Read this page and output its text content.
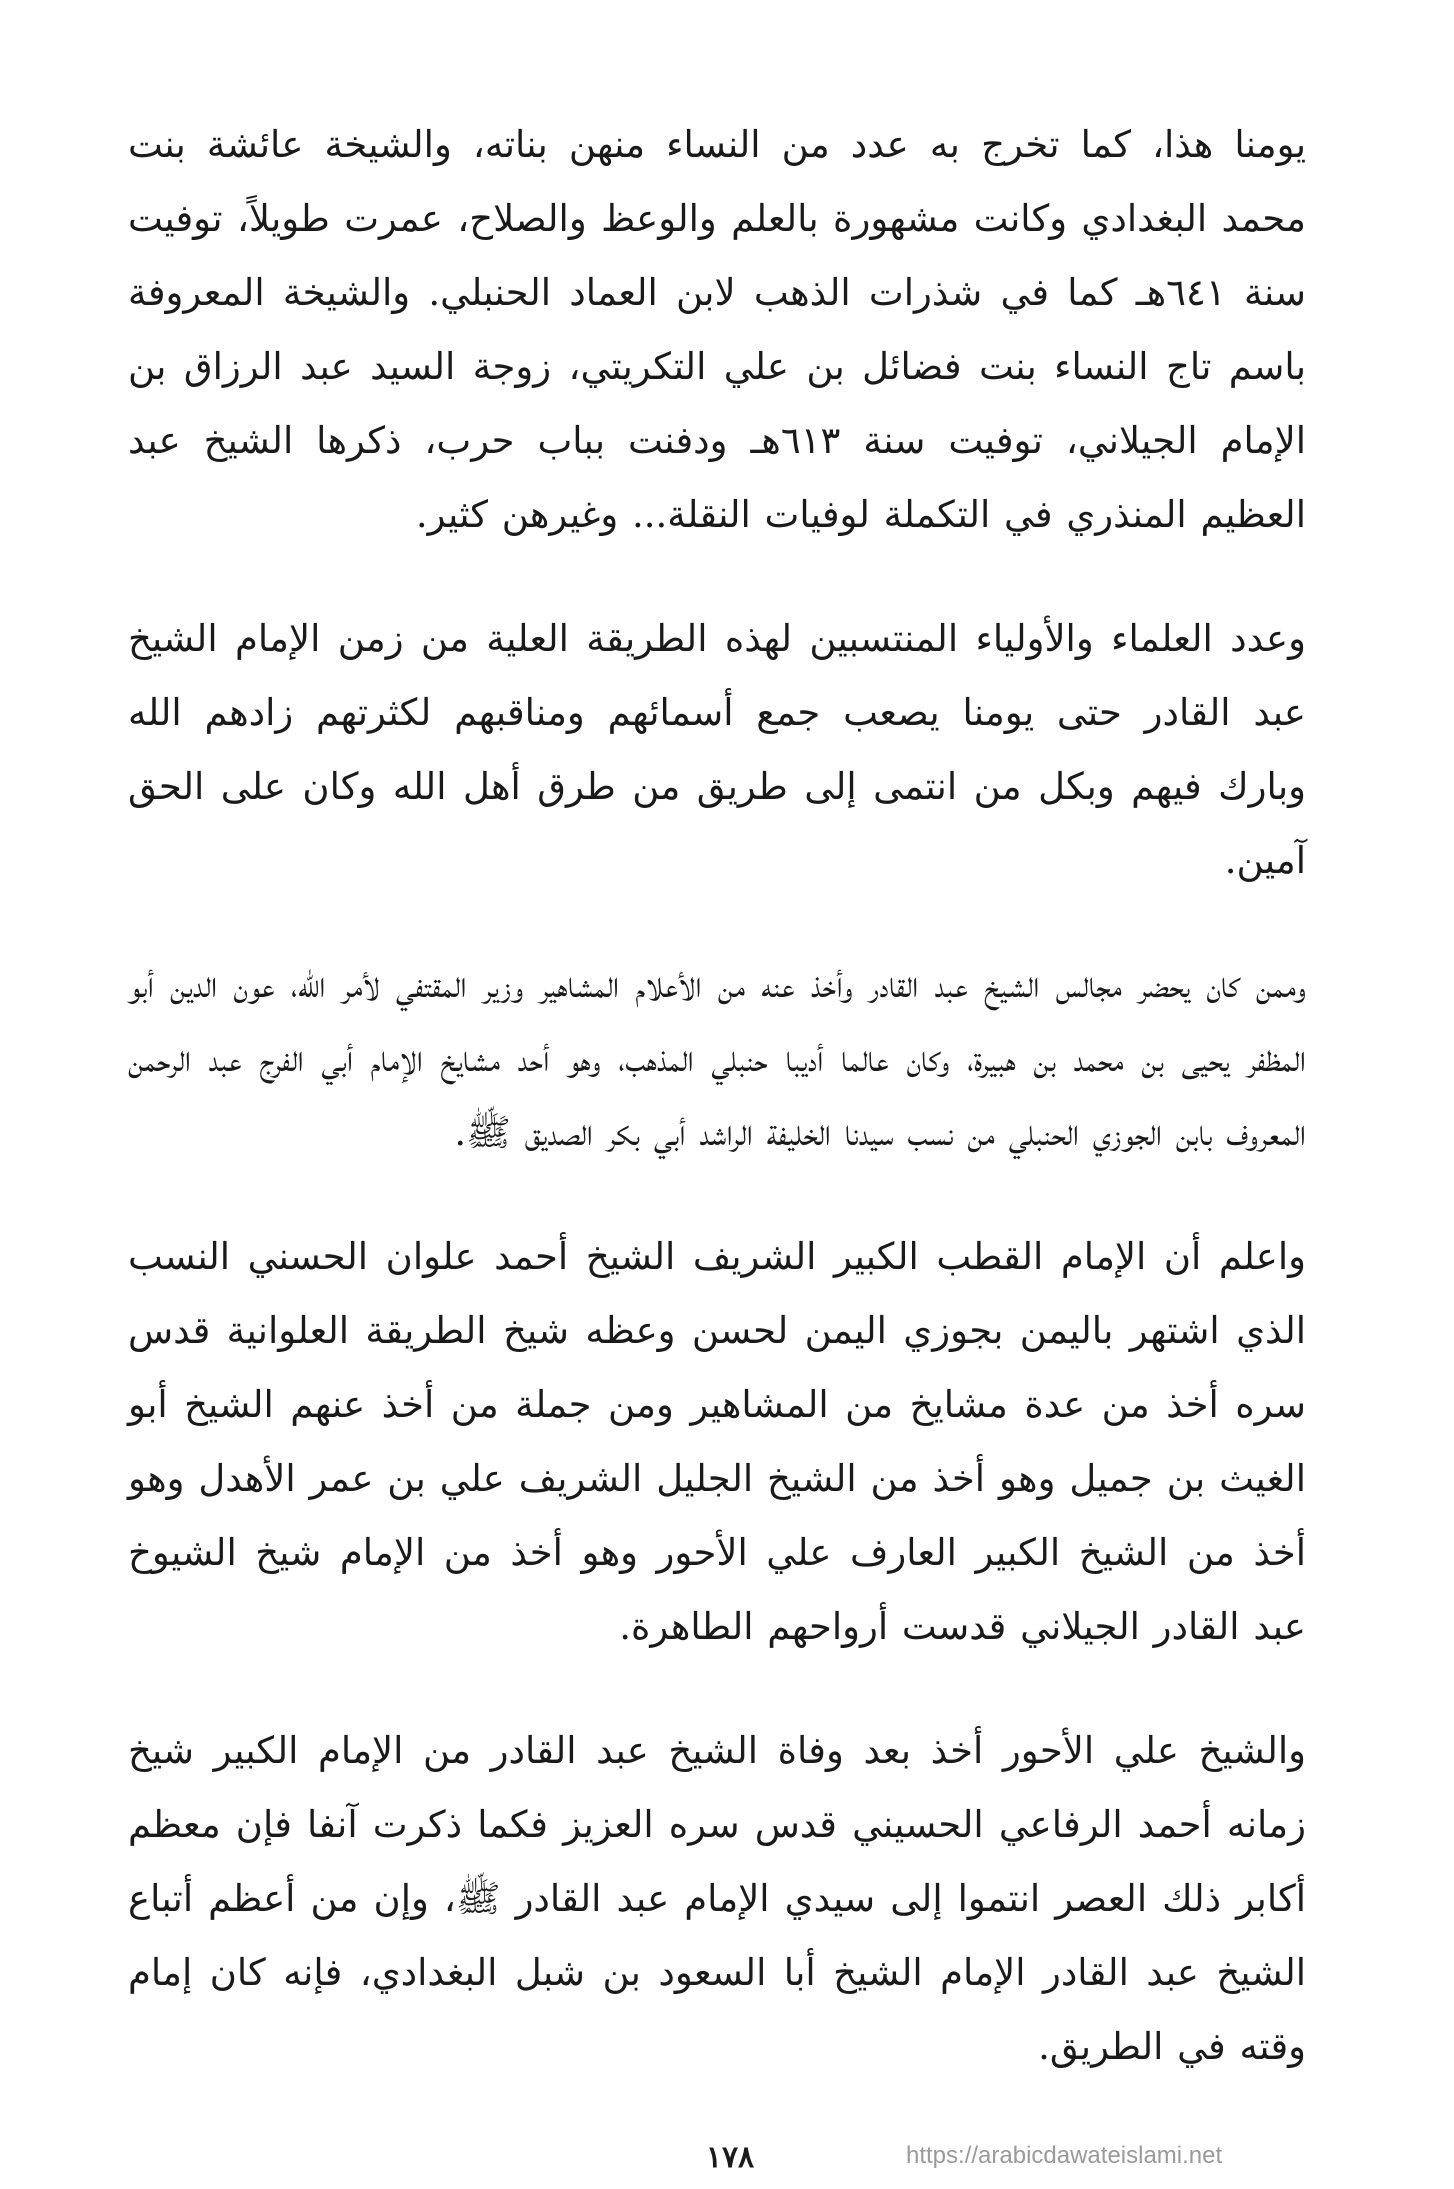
يومنا هذا، كما تخرج به عدد من النساء منهن بناته، والشيخة عائشة بنت محمد البغدادي وكانت مشهورة بالعلم والوعظ والصلاح، عمرت طويلاً، توفيت سنة ٦٤١هـ كما في شذرات الذهب لابن العماد الحنبلي. والشيخة المعروفة باسم تاج النساء بنت فضائل بن علي التكريتي، زوجة السيد عبد الرزاق بن الإمام الجيلاني، توفيت سنة ٦١٣هـ ودفنت بباب حرب، ذكرها الشيخ عبد العظيم المنذري في التكملة لوفيات النقلة... وغيرهن كثير.

وعدد العلماء والأولياء المنتسبين لهذه الطريقة العلية من زمن الإمام الشيخ عبد القادر حتى يومنا يصعب جمع أسمائهم ومناقبهم لكثرتهم زادهم الله وبارك فيهم وبكل من انتمى إلى طريق من طرق أهل الله وكان على الحق آمين.

وممن كان يحضر مجالس الشيخ عبد القادر وأخذ عنه من الأعلام المشاهير وزير المقتفي لأمر الله، عون الدين أبو المظفر يحيى بن محمد بن هبيرة، وكان عالما أديبا حنبلي المذهب، وهو أحد مشايخ الإمام أبي الفرج عبد الرحمن المعروف بابن الجوزي الحنبلي من نسب سيدنا الخليفة الراشد أبي بكر الصديق ﷺ.

واعلم أن الإمام القطب الكبير الشريف الشيخ أحمد علوان الحسني النسب الذي اشتهر باليمن بجوزي اليمن لحسن وعظه شيخ الطريقة العلوانية قدس سره أخذ من عدة مشايخ من المشاهير ومن جملة من أخذ عنهم الشيخ أبو الغيث بن جميل وهو أخذ من الشيخ الجليل الشريف علي بن عمر الأهدل وهو أخذ من الشيخ الكبير العارف علي الأحور وهو أخذ من الإمام شيخ الشيوخ عبد القادر الجيلاني قدست أرواحهم الطاهرة.

والشيخ علي الأحور أخذ بعد وفاة الشيخ عبد القادر من الإمام الكبير شيخ زمانه أحمد الرفاعي الحسيني قدس سره العزيز فكما ذكرت آنفا فإن معظم أكابر ذلك العصر انتموا إلى سيدي الإمام عبد القادر ﷺ، وإن من أعظم أتباع الشيخ عبد القادر الإمام الشيخ أبا السعود بن شبل البغدادي، فإنه كان إمام وقته في الطريق.

١٧٨	https://arabicdawateislami.net
